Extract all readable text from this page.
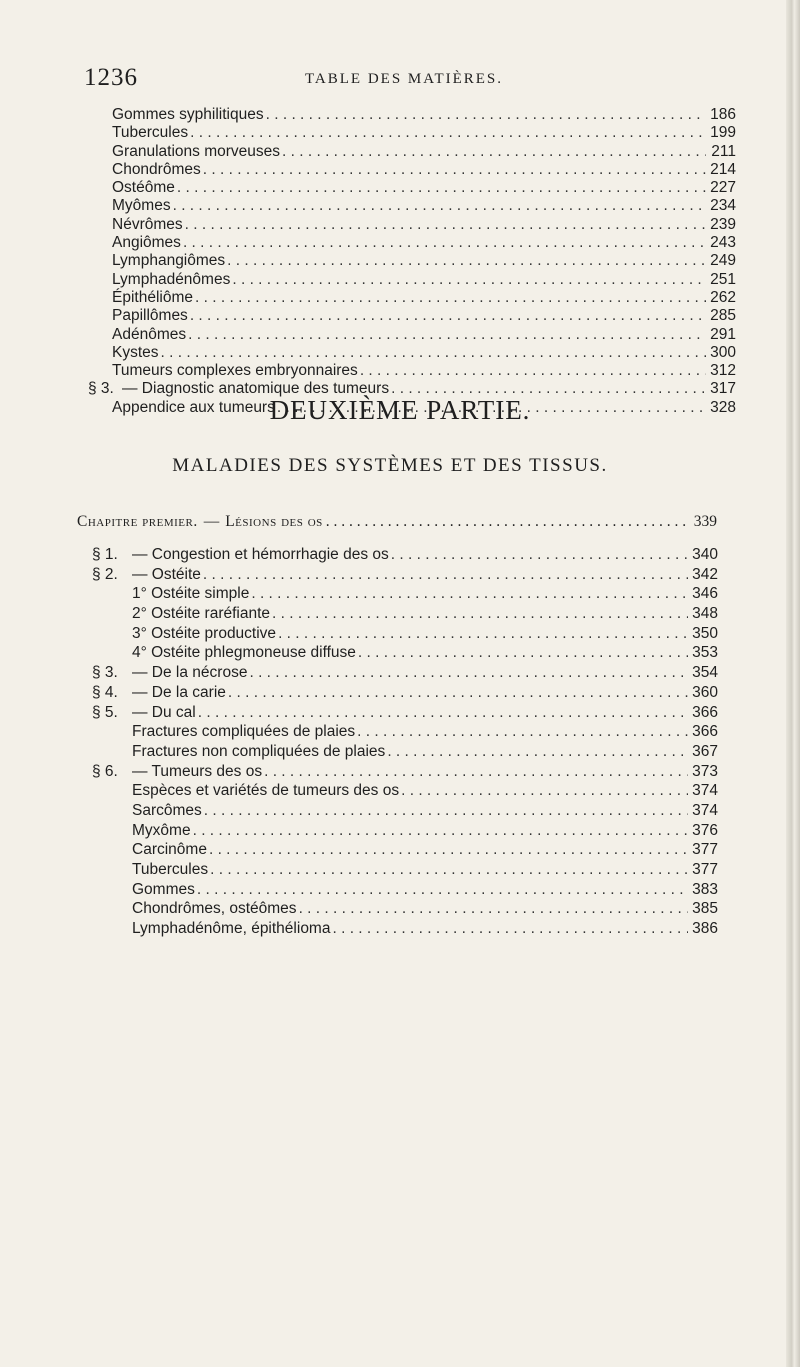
1236	TABLE DES MATIÈRES.
Gommes syphilitiques . . .	186
Tubercules . . .	199
Granulations morveuses . . .	211
Chondrômes . . .	214
Ostéôme . . .	227
Myômes . . .	234
Névrômes . . .	239
Angiômes . . .	243
Lymphangiômes . . .	249
Lymphadénômes . . .	251
Épithéliôme . . .	262
Papillômes . . .	285
Adénômes . . .	291
Kystes . . .	300
Tumeurs complexes embryonnaires . . .	312
§ 3. — Diagnostic anatomique des tumeurs . . .	317
Appendice aux tumeurs . . .	328
DEUXIÈME PARTIE.
MALADIES DES SYSTÈMES ET DES TISSUS.
Chapitre premier. — Lésions des os . . .	339
§ 1. — Congestion et hémorrhagie des os . . .	340
§ 2. — Ostéite . . .	342
1° Ostéite simple . . .	346
2° Ostéite raréfiante . . .	348
3° Ostéite productive . . .	350
4° Ostéite phlegmoneuse diffuse . . .	353
§ 3. — De la nécrose . . .	354
§ 4. — De la carie . . .	360
§ 5. — Du cal . . .	366
Fractures compliquées de plaies . . .	366
Fractures non compliquées de plaies . . .	367
§ 6. — Tumeurs des os . . .	373
Espèces et variétés de tumeurs des os . . .	374
Sarcômes . . .	374
Myxôme . . .	376
Carcinôme . . .	377
Tubercules . . .	377
Gommes . . .	383
Chondrômes, ostéômes . . .	385
Lymphadénôme, épithélioma . . .	386
